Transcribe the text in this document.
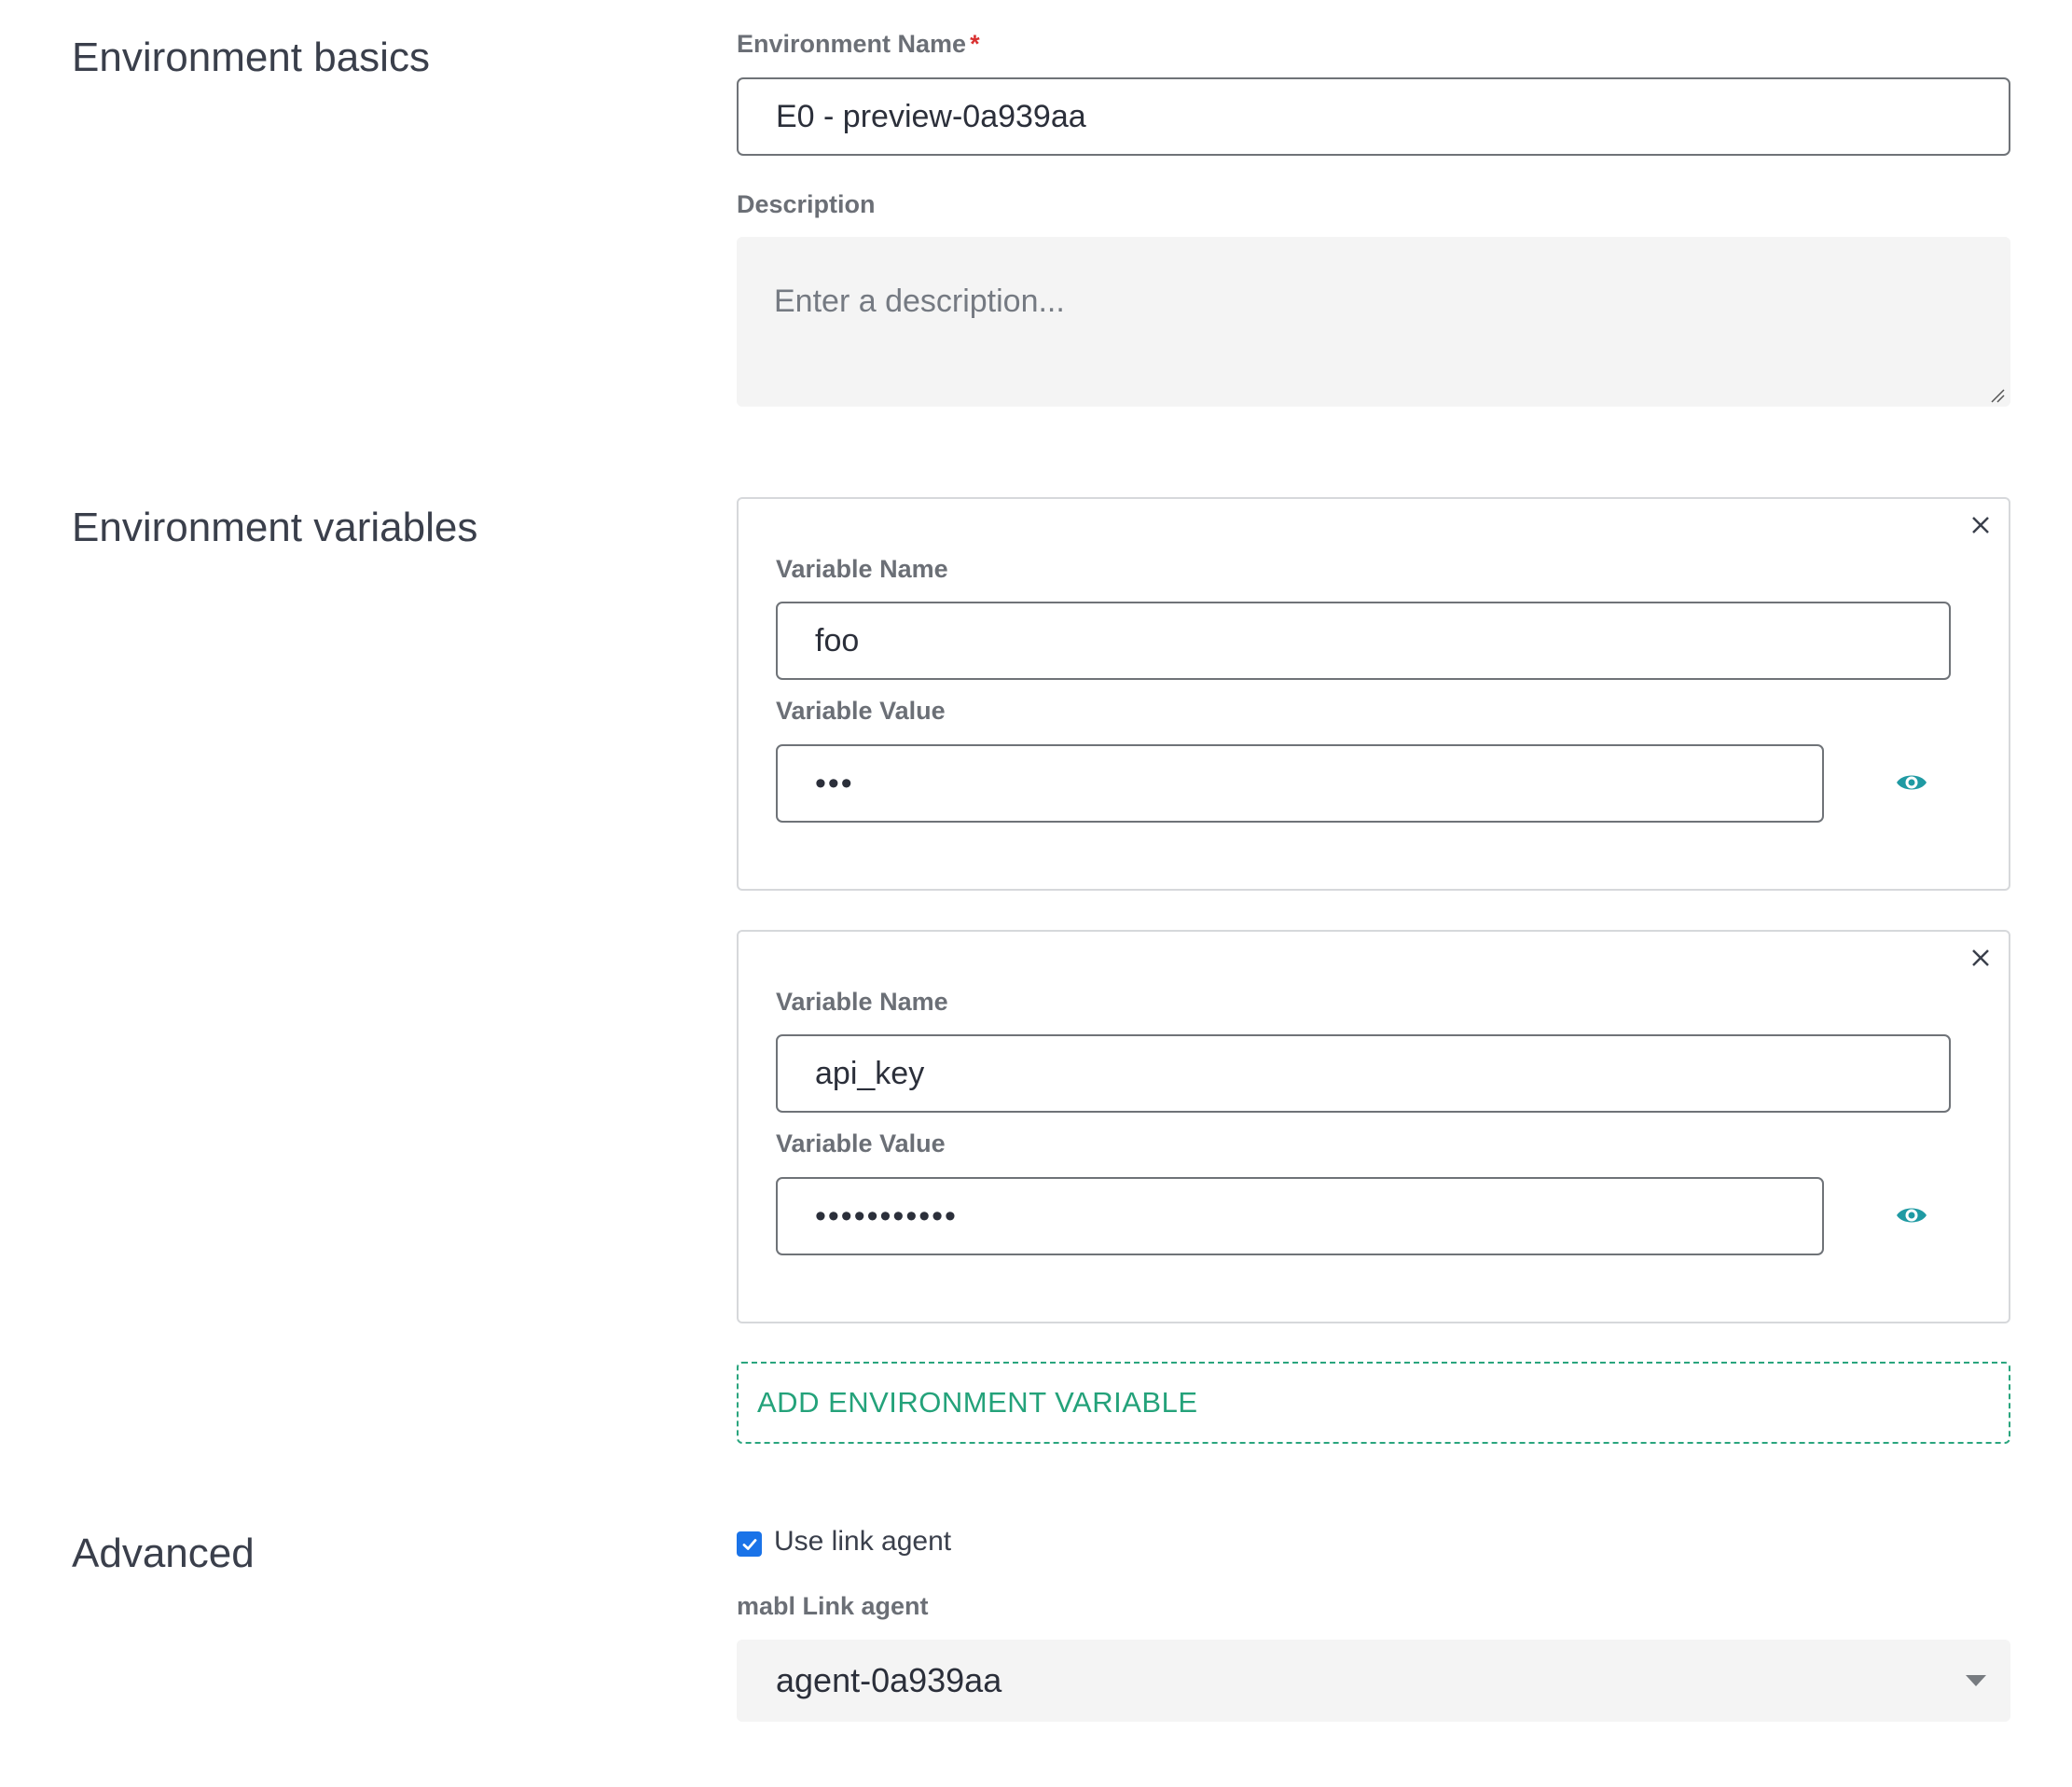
Environment basics	Environment Name *
E0 - preview-0a939aa
Description
Enter a description...
Environment variables
Variable Name
foo
Variable Value
•••
Variable Name
api_key
Variable Value
•••••••••••
ADD ENVIRONMENT VARIABLE
Advanced	Use link agent
mabl Link agent
agent-0a939aa
